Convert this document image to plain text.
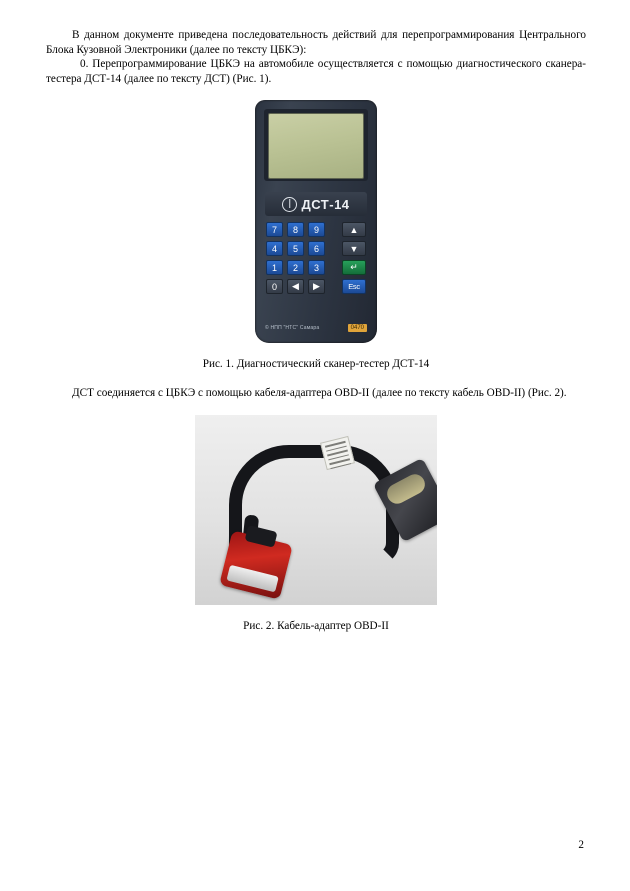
В данном документе приведена последовательность действий для перепрограммирования Центрального Блока Кузовной Электроники (далее по тексту ЦБКЭ):

0. Перепрограммирование ЦБКЭ на автомобиле осуществляется с помощью диагностического сканера-тестера ДСТ-14 (далее по тексту ДСТ) (Рис. 1).

ДСТ-14
7	8	9
4	5	6
1	2	3
0	◀	▶
▲
▼
↵
Esc
© НПП "НТС" Самара	0470

Рис. 1. Диагностический сканер-тестер ДСТ-14

ДСТ соединяется с ЦБКЭ с помощью кабеля-адаптера OBD-II (далее по тексту кабель OBD-II) (Рис. 2).

Рис. 2. Кабель-адаптер OBD-II

2
